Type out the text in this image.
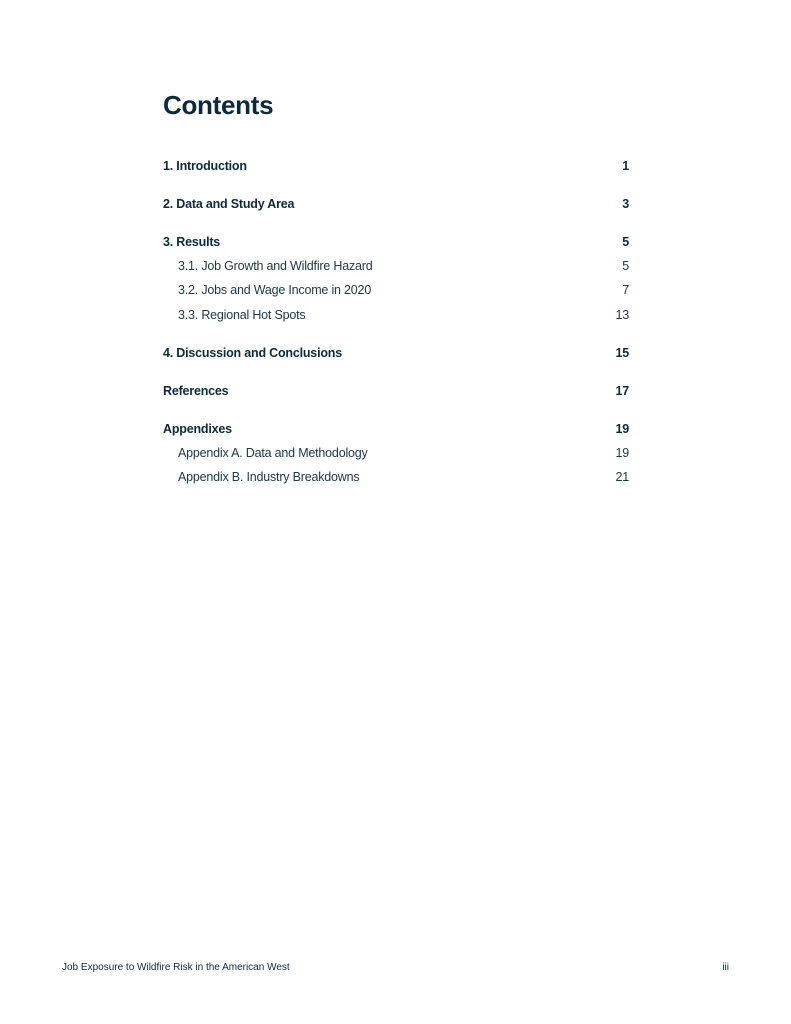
Contents
1. Introduction	1
2. Data and Study Area	3
3. Results	5
3.1. Job Growth and Wildfire Hazard	5
3.2. Jobs and Wage Income in 2020	7
3.3. Regional Hot Spots	13
4. Discussion and Conclusions	15
References	17
Appendixes	19
Appendix A. Data and Methodology	19
Appendix B. Industry Breakdowns	21
Job Exposure to Wildfire Risk in the American West	iii
